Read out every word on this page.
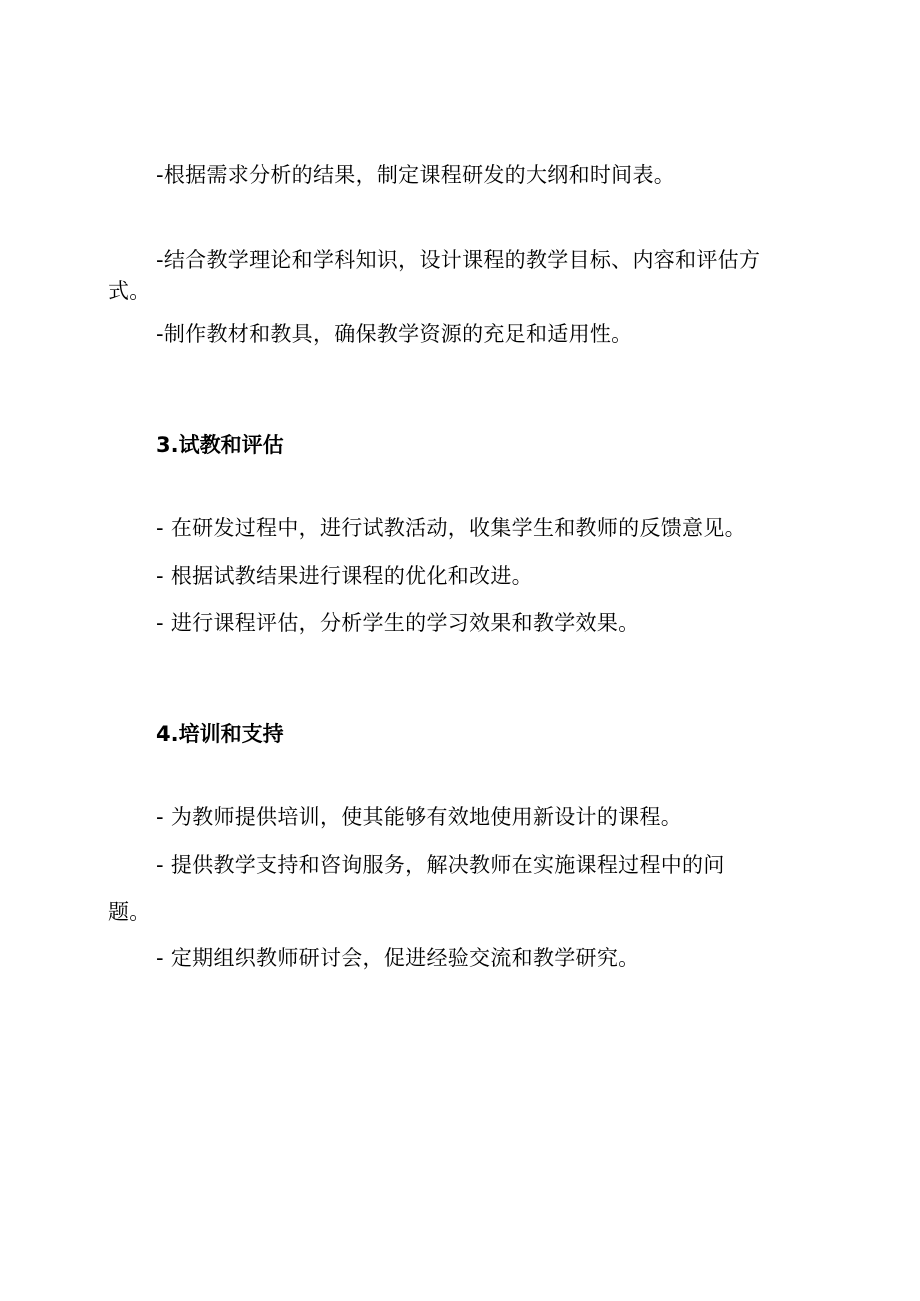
-根据需求分析的结果，制定课程研发的大纲和时间表。

-结合教学理论和学科知识，设计课程的教学目标、内容和评估方

式。

-制作教材和教具，确保教学资源的充足和适用性。

3.试教和评估

- 在研发过程中，进行试教活动，收集学生和教师的反馈意见。

- 根据试教结果进行课程的优化和改进。

- 进行课程评估，分析学生的学习效果和教学效果。

4.培训和支持

- 为教师提供培训，使其能够有效地使用新设计的课程。

- 提供教学支持和咨询服务，解决教师在实施课程过程中的问

题。

- 定期组织教师研讨会，促进经验交流和教学研究。
